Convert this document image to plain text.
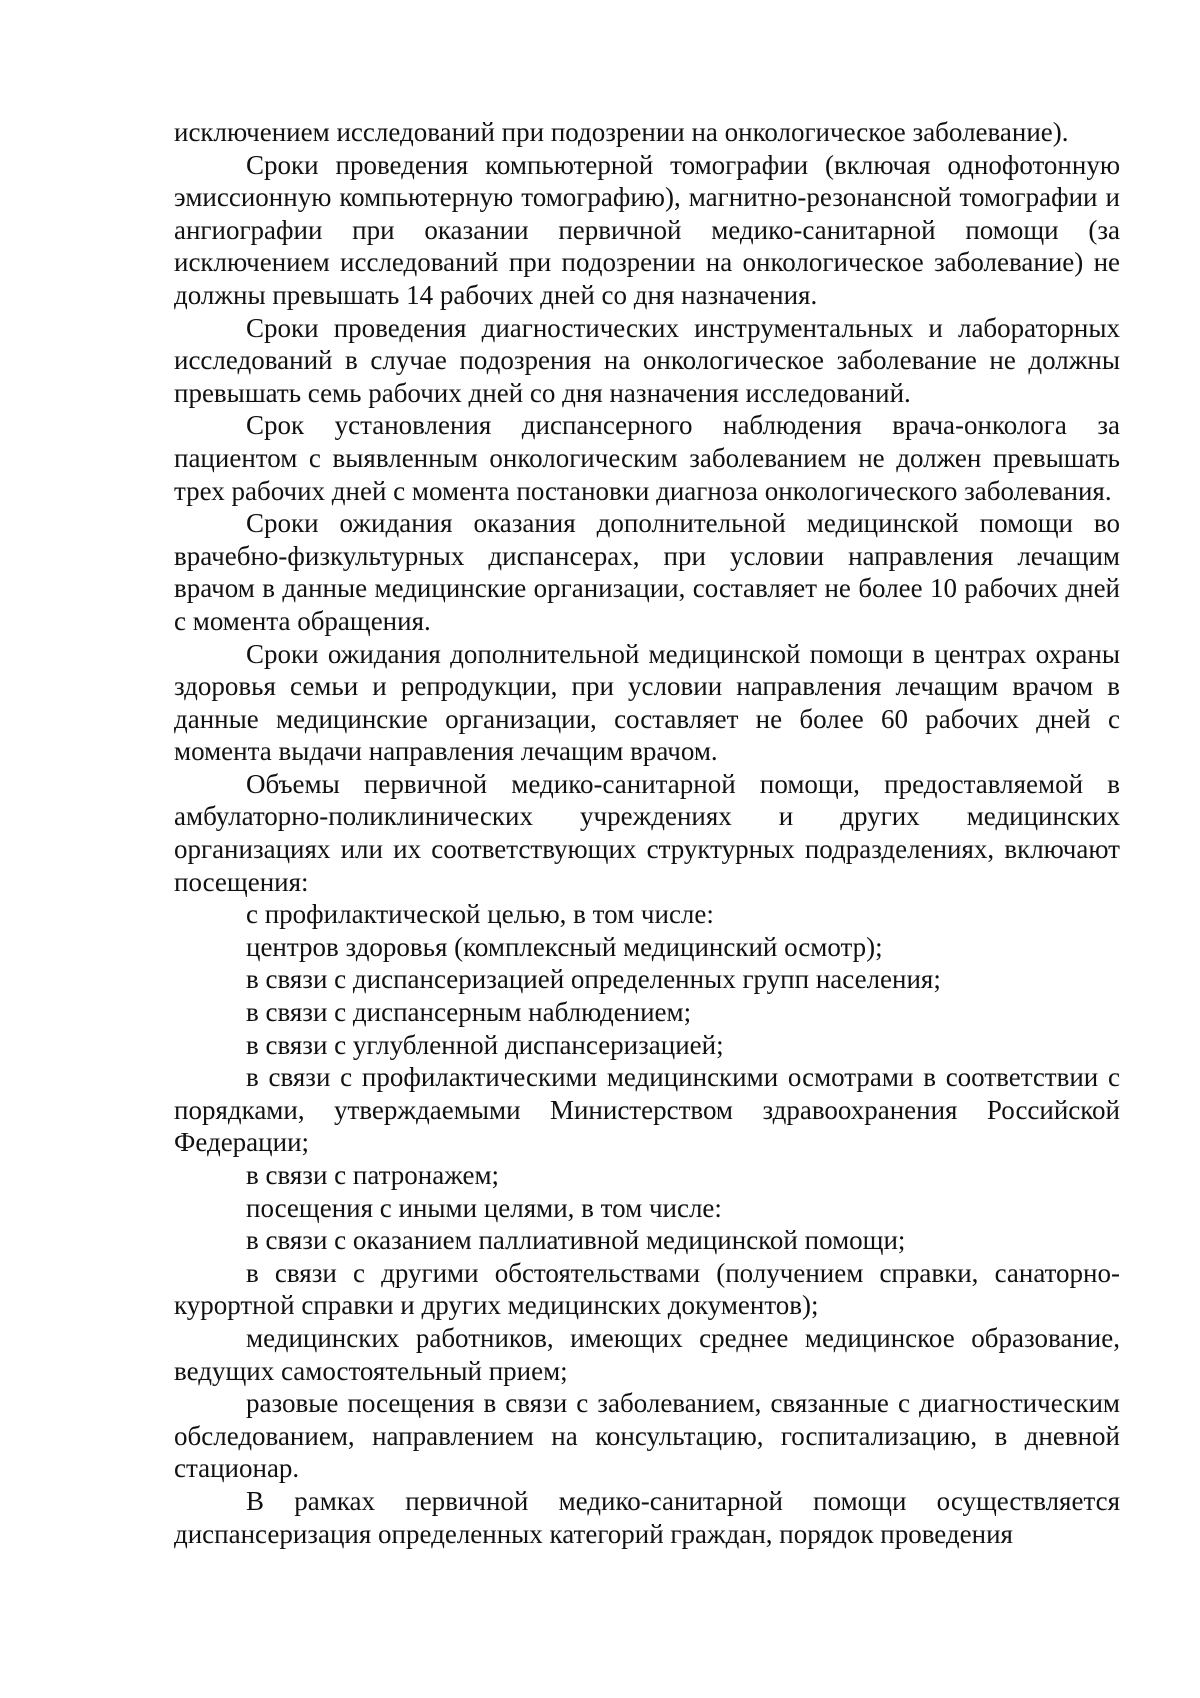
исключением исследований при подозрении на онкологическое заболевание).

Сроки проведения компьютерной томографии (включая однофотонную эмиссионную компьютерную томографию), магнитно-резонансной томографии и ангиографии при оказании первичной медико-санитарной помощи (за исключением исследований при подозрении на онкологическое заболевание) не должны превышать 14 рабочих дней со дня назначения.

Сроки проведения диагностических инструментальных и лабораторных исследований в случае подозрения на онкологическое заболевание не должны превышать семь рабочих дней со дня назначения исследований.

Срок установления диспансерного наблюдения врача-онколога за пациентом с выявленным онкологическим заболеванием не должен превышать трех рабочих дней с момента постановки диагноза онкологического заболевания.

Сроки ожидания оказания дополнительной медицинской помощи во врачебно-физкультурных диспансерах, при условии направления лечащим врачом в данные медицинские организации, составляет не более 10 рабочих дней с момента обращения.

Сроки ожидания дополнительной медицинской помощи в центрах охраны здоровья семьи и репродукции, при условии направления лечащим врачом в данные медицинские организации, составляет не более 60 рабочих дней с момента выдачи направления лечащим врачом.

Объемы первичной медико-санитарной помощи, предоставляемой в амбулаторно-поликлинических учреждениях и других медицинских организациях или их соответствующих структурных подразделениях, включают посещения:

с профилактической целью, в том числе:

центров здоровья (комплексный медицинский осмотр);

в связи с диспансеризацией определенных групп населения;

в связи с диспансерным наблюдением;

в связи с углубленной диспансеризацией;

в связи с профилактическими медицинскими осмотрами в соответствии с порядками, утверждаемыми Министерством здравоохранения Российской Федерации;

в связи с патронажем;

посещения с иными целями, в том числе:

в связи с оказанием паллиативной медицинской помощи;

в связи с другими обстоятельствами (получением справки, санаторно-курортной справки и других медицинских документов);

медицинских работников, имеющих среднее медицинское образование, ведущих самостоятельный прием;

разовые посещения в связи с заболеванием, связанные с диагностическим обследованием, направлением на консультацию, госпитализацию, в дневной стационар.

В рамках первичной медико-санитарной помощи осуществляется диспансеризация определенных категорий граждан, порядок проведения
